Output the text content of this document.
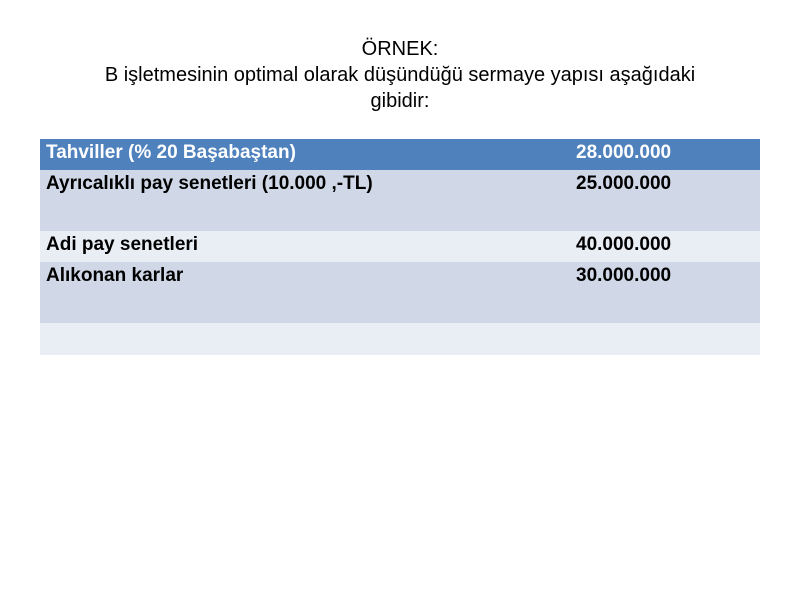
ÖRNEK:
B işletmesinin optimal olarak düşündüğü sermaye yapısı aşağıdaki
gibidir:
Tahviller (% 20 Başabaştan)	28.000.000
Ayrıcalıklı pay senetleri (10.000 ,-TL)	25.000.000
Adi pay senetleri	40.000.000
Alıkonan karlar	30.000.000
